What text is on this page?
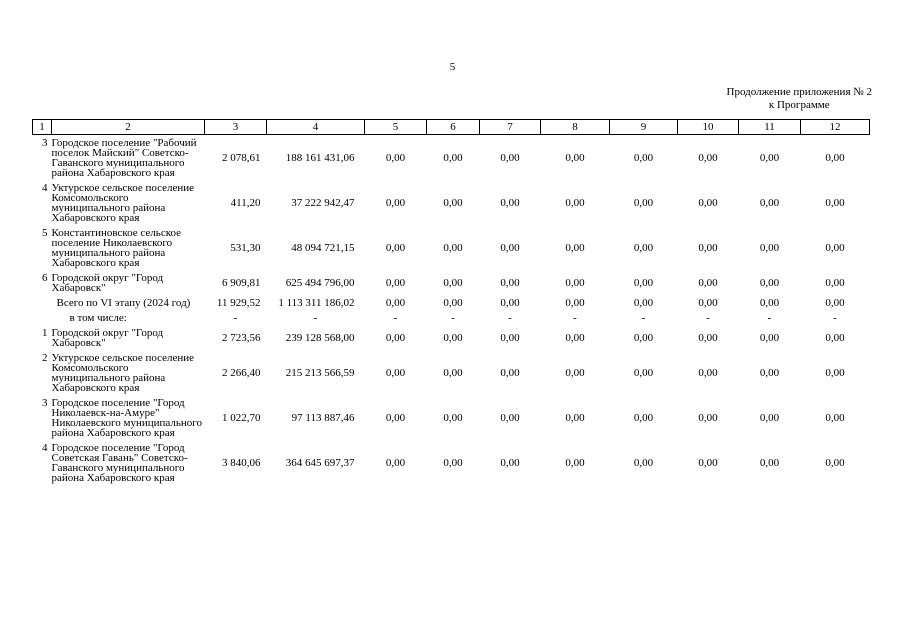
5
Продолжение приложения № 2
к Программе
1	2	3	4	5	6	7	8	9	10	11	12
3	Городское поселение "Рабочий поселок Майский" Советско-Гаванского муниципального района Хабаровского края	2 078,61	188 161 431,06	0,00	0,00	0,00	0,00	0,00	0,00	0,00	0,00
4	Уктурское сельское поселение Комсомольского муниципального района Хабаровского края	411,20	37 222 942,47	0,00	0,00	0,00	0,00	0,00	0,00	0,00	0,00
5	Константиновское сельское поселение Николаевского муниципального района Хабаровского края	531,30	48 094 721,15	0,00	0,00	0,00	0,00	0,00	0,00	0,00	0,00
6	Городской округ "Город Хабаровск"	6 909,81	625 494 796,00	0,00	0,00	0,00	0,00	0,00	0,00	0,00	0,00
Всего по VI этапу (2024 год)		11 929,52	1 113 311 186,02	0,00	0,00	0,00	0,00	0,00	0,00	0,00	0,00
в том числе:		-	-	-	-	-	-	-	-	-	-
1	Городской округ "Город Хабаровск"	2 723,56	239 128 568,00	0,00	0,00	0,00	0,00	0,00	0,00	0,00	0,00
2	Уктурское сельское поселение Комсомольского муниципального района Хабаровского края	2 266,40	215 213 566,59	0,00	0,00	0,00	0,00	0,00	0,00	0,00	0,00
3	Городское поселение "Город Николаевск-на-Амуре" Николаевского муниципального района Хабаровского края	1 022,70	97 113 887,46	0,00	0,00	0,00	0,00	0,00	0,00	0,00	0,00
4	Городское поселение "Город Советская Гавань" Советско-Гаванского муниципального района Хабаровского края	3 840,06	364 645 697,37	0,00	0,00	0,00	0,00	0,00	0,00	0,00	0,00
